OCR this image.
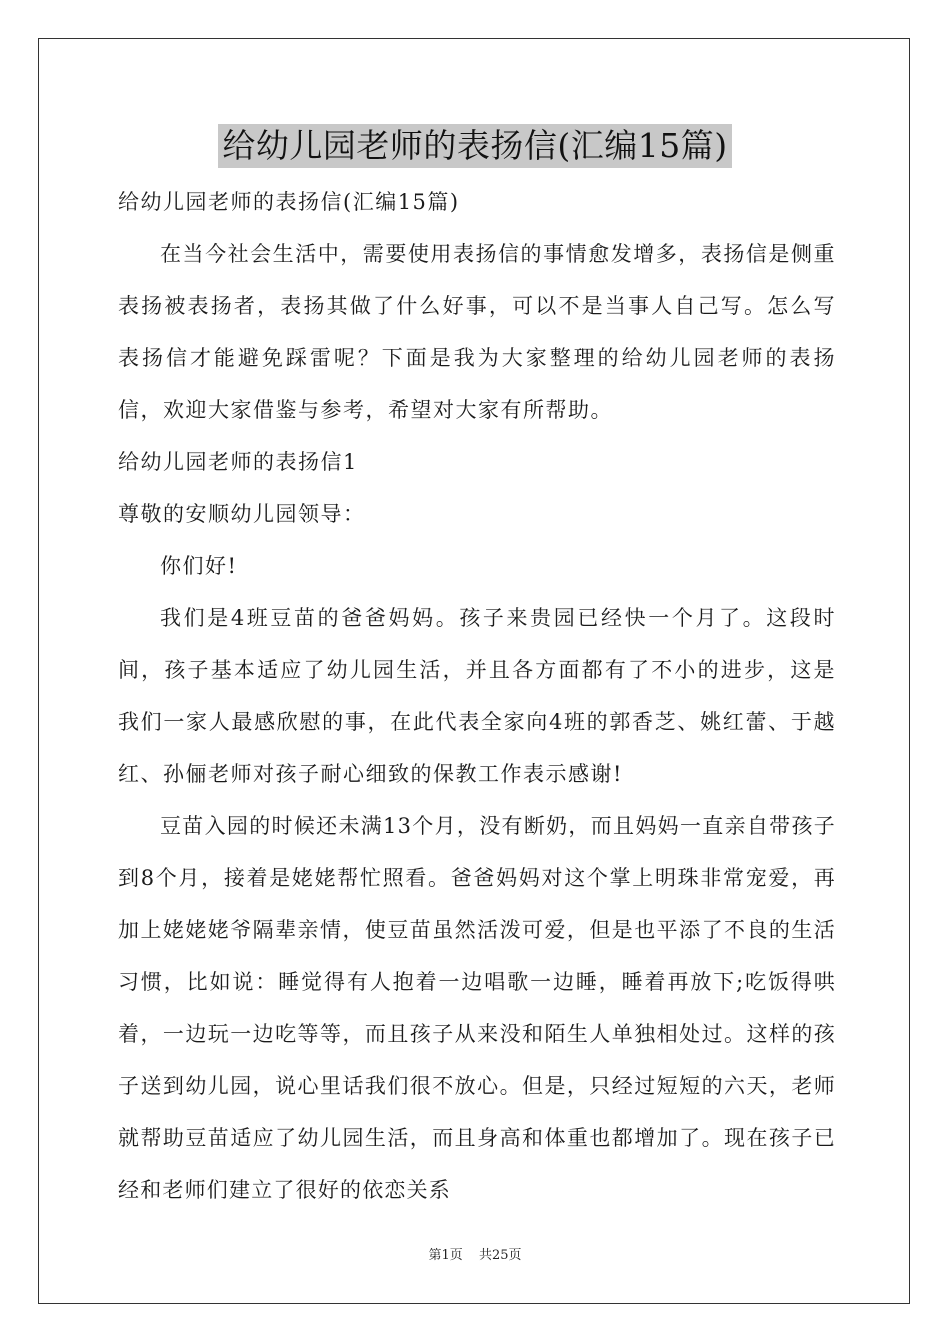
给幼儿园老师的表扬信(汇编15篇)
给幼儿园老师的表扬信(汇编15篇)

在当今社会生活中，需要使用表扬信的事情愈发增多，表扬信是侧重表扬被表扬者，表扬其做了什么好事，可以不是当事人自己写。怎么写表扬信才能避免踩雷呢？下面是我为大家整理的给幼儿园老师的表扬信，欢迎大家借鉴与参考，希望对大家有所帮助。

给幼儿园老师的表扬信1
尊敬的安顺幼儿园领导：

你们好!

我们是4班豆苗的爸爸妈妈。孩子来贵园已经快一个月了。这段时间，孩子基本适应了幼儿园生活，并且各方面都有了不小的进步，这是我们一家人最感欣慰的事，在此代表全家向4班的郭香芝、姚红蕾、于越红、孙俪老师对孩子耐心细致的保教工作表示感谢!

豆苗入园的时候还未满13个月，没有断奶，而且妈妈一直亲自带孩子到8个月，接着是姥姥帮忙照看。爸爸妈妈对这个掌上明珠非常宠爱，再加上姥姥姥爷隔辈亲情，使豆苗虽然活泼可爱，但是也平添了不良的生活习惯，比如说：睡觉得有人抱着一边唱歌一边睡，睡着再放下;吃饭得哄着，一边玩一边吃等等，而且孩子从来没和陌生人单独相处过。这样的孩子送到幼儿园，说心里话我们很不放心。但是，只经过短短的六天，老师就帮助豆苗适应了幼儿园生活，而且身高和体重也都增加了。现在孩子已经和老师们建立了很好的依恋关系

第1页 共25页
